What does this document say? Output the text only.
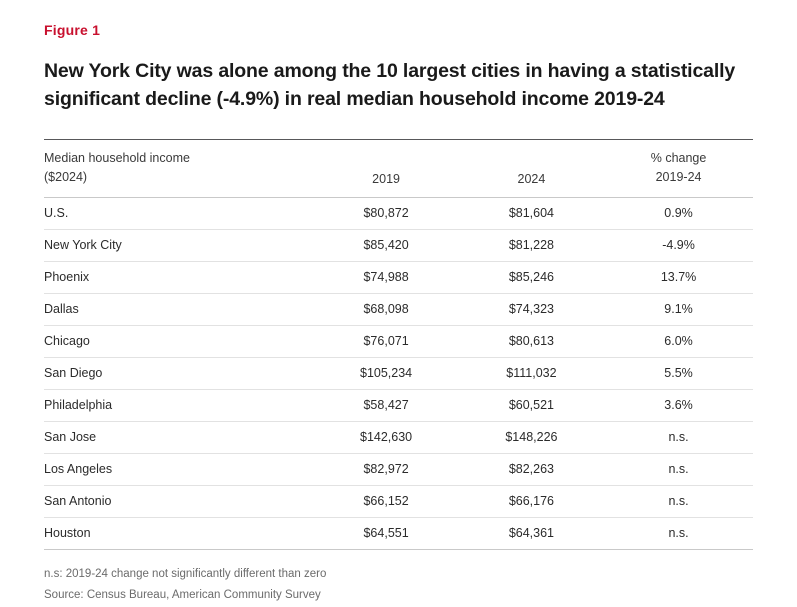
Figure 1
New York City was alone among the 10 largest cities in having a statistically significant decline (-4.9%) in real median household income 2019-24
Median household income
($2024)	2019	2024	% change
2019-24
U.S.	$80,872	$81,604	0.9%
New York City	$85,420	$81,228	-4.9%
Phoenix	$74,988	$85,246	13.7%
Dallas	$68,098	$74,323	9.1%
Chicago	$76,071	$80,613	6.0%
San Diego	$105,234	$111,032	5.5%
Philadelphia	$58,427	$60,521	3.6%
San Jose	$142,630	$148,226	n.s.
Los Angeles	$82,972	$82,263	n.s.
San Antonio	$66,152	$66,176	n.s.
Houston	$64,551	$64,361	n.s.
n.s: 2019-24 change not significantly different than zero
Source: Census Bureau, American Community Survey
